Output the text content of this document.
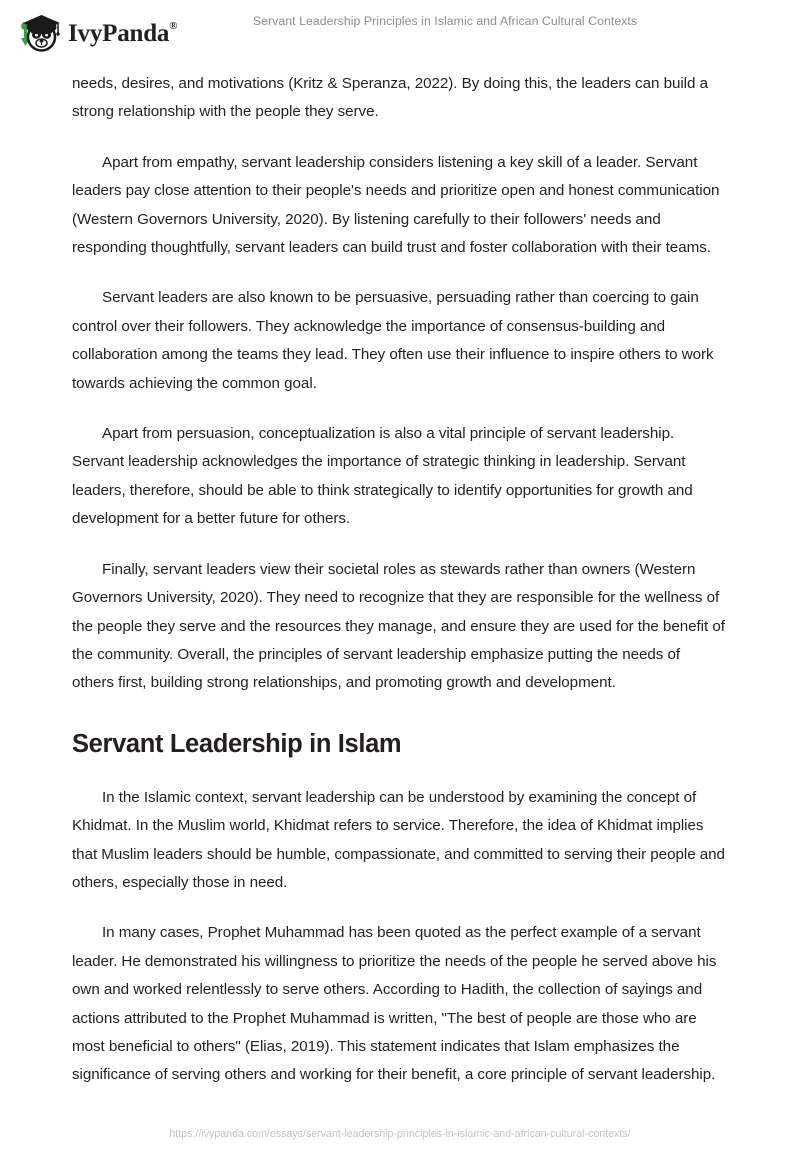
IvyPanda®	Servant Leadership Principles in Islamic and African Cultural Contexts

needs, desires, and motivations (Kritz & Speranza, 2022). By doing this, the leaders can build a strong relationship with the people they serve.

Apart from empathy, servant leadership considers listening a key skill of a leader. Servant leaders pay close attention to their people's needs and prioritize open and honest communication (Western Governors University, 2020). By listening carefully to their followers' needs and responding thoughtfully, servant leaders can build trust and foster collaboration with their teams.

Servant leaders are also known to be persuasive, persuading rather than coercing to gain control over their followers. They acknowledge the importance of consensus-building and collaboration among the teams they lead. They often use their influence to inspire others to work towards achieving the common goal.

Apart from persuasion, conceptualization is also a vital principle of servant leadership. Servant leadership acknowledges the importance of strategic thinking in leadership. Servant leaders, therefore, should be able to think strategically to identify opportunities for growth and development for a better future for others.

Finally, servant leaders view their societal roles as stewards rather than owners (Western Governors University, 2020). They need to recognize that they are responsible for the wellness of the people they serve and the resources they manage, and ensure they are used for the benefit of the community. Overall, the principles of servant leadership emphasize putting the needs of others first, building strong relationships, and promoting growth and development.

Servant Leadership in Islam

In the Islamic context, servant leadership can be understood by examining the concept of Khidmat. In the Muslim world, Khidmat refers to service. Therefore, the idea of Khidmat implies that Muslim leaders should be humble, compassionate, and committed to serving their people and others, especially those in need.

In many cases, Prophet Muhammad has been quoted as the perfect example of a servant leader. He demonstrated his willingness to prioritize the needs of the people he served above his own and worked relentlessly to serve others. According to Hadith, the collection of sayings and actions attributed to the Prophet Muhammad is written, "The best of people are those who are most beneficial to others" (Elias, 2019). This statement indicates that Islam emphasizes the significance of serving others and working for their benefit, a core principle of servant leadership.

https://ivypanda.com/essays/servant-leadership-principles-in-islamic-and-african-cultural-contexts/
